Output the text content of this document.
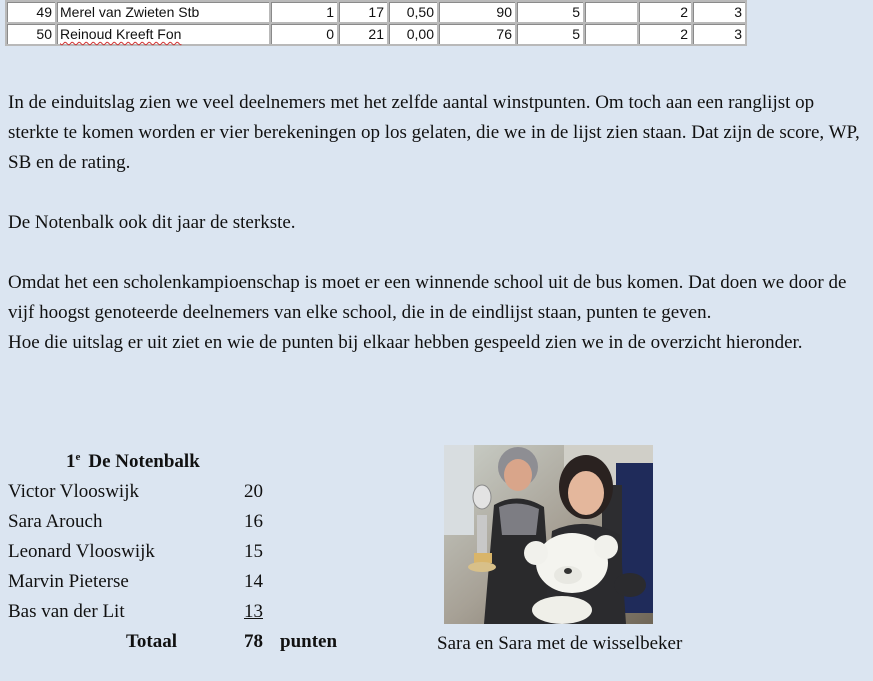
49	Merel van Zwieten Stb	1	17	0,50	90	5		2	3
50	Reinoud Kreeft Fon	0	21	0,00	76	5		2	3

In de einduitslag zien we veel deelnemers met het zelfde aantal winstpunten. Om toch aan een ranglijst op sterkte te komen worden er vier berekeningen op los gelaten, die we in de lijst zien staan. Dat zijn de score, WP, SB en de rating.

De Notenbalk ook dit jaar de sterkste.

Omdat het een scholenkampioenschap is moet er een winnende school uit de bus komen. Dat doen we door de vijf hoogst genoteerde deelnemers van elke school, die in de eindlijst staan, punten te geven.

Hoe die uitslag er uit ziet en wie de punten bij elkaar hebben gespeeld zien we in de overzicht hieronder.

1e De Notenbalk
Victor Vlooswijk	20
Sara Arouch	16
Leonard Vlooswijk	15
Marvin Pieterse	14
Bas van der Lit	13
Totaal	78 punten	Sara en Sara met de wisselbeker
